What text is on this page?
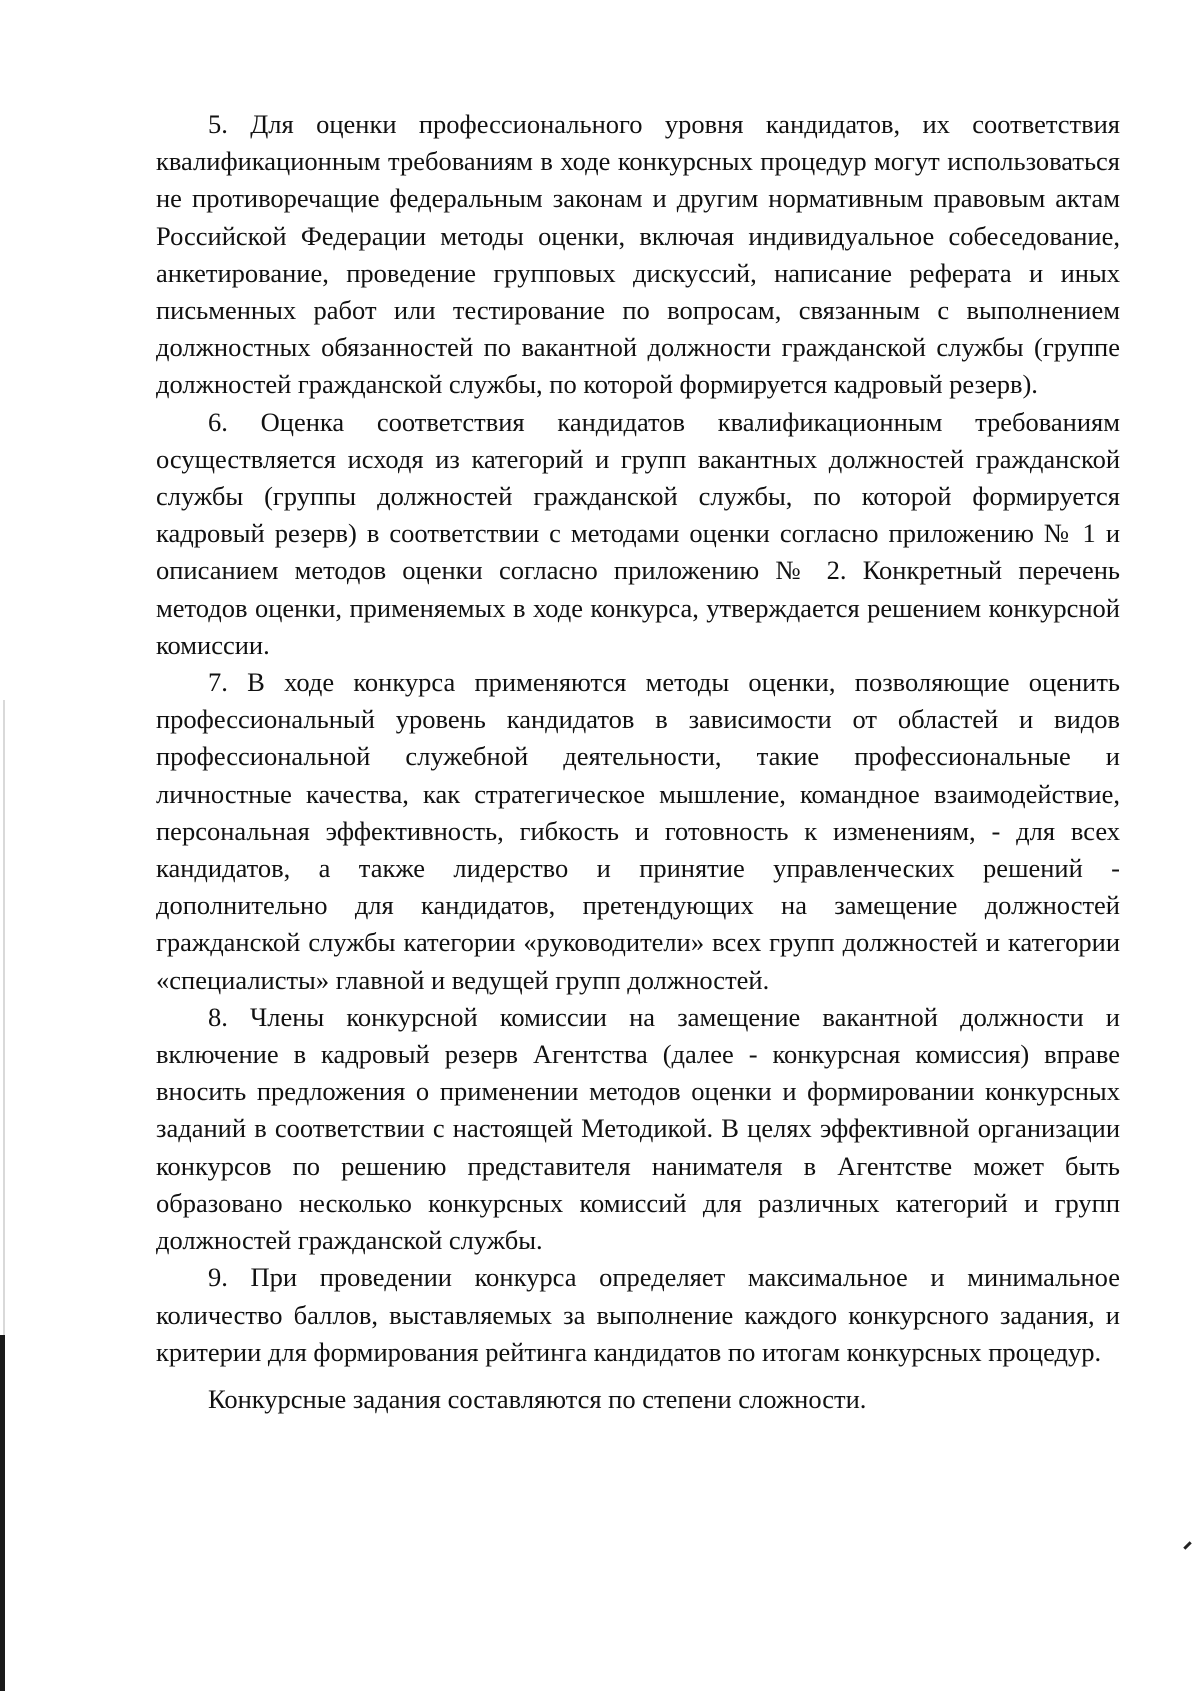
5. Для оценки профессионального уровня кандидатов, их соответствия квалификационным требованиям в ходе конкурсных процедур могут использоваться не противоречащие федеральным законам и другим нормативным правовым актам Российской Федерации методы оценки, включая индивидуальное собеседование, анкетирование, проведение групповых дискуссий, написание реферата и иных письменных работ или тестирование по вопросам, связанным с выполнением должностных обязанностей по вакантной должности гражданской службы (группе должностей гражданской службы, по которой формируется кадровый резерв).

6. Оценка соответствия кандидатов квалификационным требованиям осуществляется исходя из категорий и групп вакантных должностей гражданской службы (группы должностей гражданской службы, по которой формируется кадровый резерв) в соответствии с методами оценки согласно приложению № 1 и описанием методов оценки согласно приложению № 2. Конкретный перечень методов оценки, применяемых в ходе конкурса, утверждается решением конкурсной комиссии.

7. В ходе конкурса применяются методы оценки, позволяющие оценить профессиональный уровень кандидатов в зависимости от областей и видов профессиональной служебной деятельности, такие профессиональные и личностные качества, как стратегическое мышление, командное взаимодействие, персональная эффективность, гибкость и готовность к изменениям, - для всех кандидатов, а также лидерство и принятие управленческих решений - дополнительно для кандидатов, претендующих на замещение должностей гражданской службы категории «руководители» всех групп должностей и категории «специалисты» главной и ведущей групп должностей.

8. Члены конкурсной комиссии на замещение вакантной должности и включение в кадровый резерв Агентства (далее - конкурсная комиссия) вправе вносить предложения о применении методов оценки и формировании конкурсных заданий в соответствии с настоящей Методикой. В целях эффективной организации конкурсов по решению представителя нанимателя в Агентстве может быть образовано несколько конкурсных комиссий для различных категорий и групп должностей гражданской службы.

9. При проведении конкурса определяет максимальное и минимальное количество баллов, выставляемых за выполнение каждого конкурсного задания, и критерии для формирования рейтинга кандидатов по итогам конкурсных процедур.

Конкурсные задания составляются по степени сложности.
